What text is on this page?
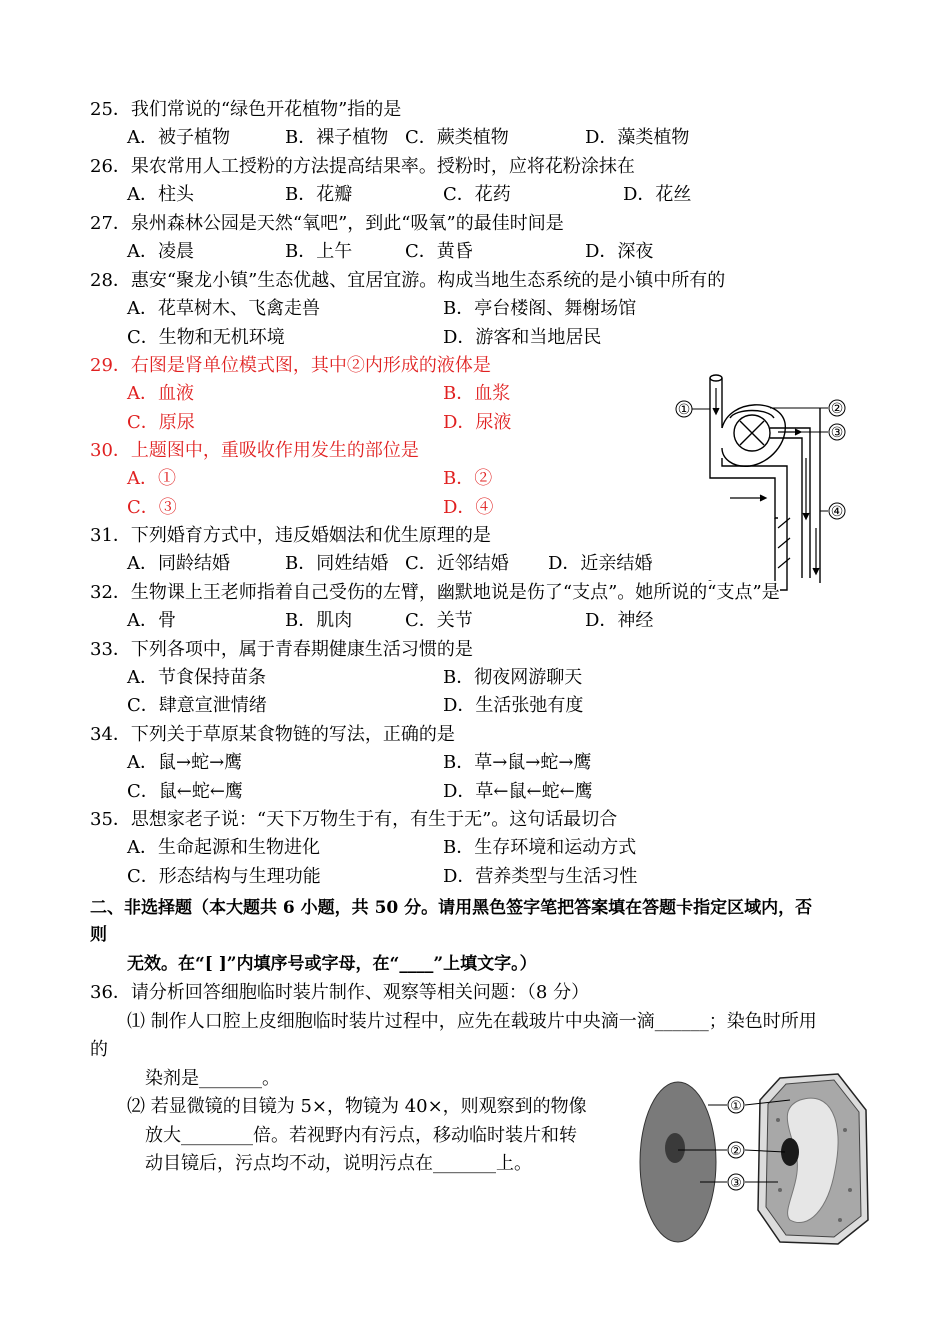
25．我们常说的“绿色开花植物”指的是
A．被子植物	B．裸子植物 C．蕨类植物	D．藻类植物
26．果农常用人工授粉的方法提高结果率。授粉时，应将花粉涂抹在
A．柱头	B．花瓣	C．花药	D．花丝
27．泉州森林公园是天然“氧吧”，到此“吸氧”的最佳时间是
A．凌晨	B．上午	C．黄昏	D．深夜
28．惠安“聚龙小镇”生态优越、宜居宜游。构成当地生态系统的是小镇中所有的
A．花草树木、飞禽走兽	B．亭台楼阁、舞榭场馆
C．生物和无机环境	D．游客和当地居民
29．右图是肾单位模式图，其中②内形成的液体是
A．血液	B．血浆
C．原尿	D．尿液
30．上题图中，重吸收作用发生的部位是
A．①	B．②
C．③	D．④
31．下列婚育方式中，违反婚姻法和优生原理的是
A．同龄结婚	B．同姓结婚 C．近邻结婚 D．近亲结婚
①	②
③
④
32．生物课上王老师指着自己受伤的左臂，幽默地说是伤了“支点”。她所说的“支点”是
A．骨	B．肌肉	C．关节	D．神经
33．下列各项中，属于青春期健康生活习惯的是
A．节食保持苗条	B．彻夜网游聊天
C．肆意宣泄情绪	D．生活张弛有度
34．下列关于草原某食物链的写法，正确的是
A．鼠→蛇→鹰	B．草→鼠→蛇→鹰
C．鼠←蛇←鹰	D．草←鼠←蛇←鹰
35．思想家老子说：“天下万物生于有，有生于无”。这句话最切合
A．生命起源和生物进化	B．生存环境和运动方式
C．形态结构与生理功能	D．营养类型与生活习性
二、非选择题（本大题共 6 小题，共 50 分。请用黑色签字笔把答案填在答题卡指定区域内，否
则
无效。在“[ ]”内填序号或字母，在“____”上填文字。）
36．请分析回答细胞临时装片制作、观察等相关问题：（8 分）
⑴ 制作人口腔上皮细胞临时装片过程中，应先在载玻片中央滴一滴______；染色时所用
的
染剂是_______。
⑵ 若显微镜的目镜为 5×，物镜为 40×，则观察到的物像
放大________倍。若视野内有污点，移动临时装片和转
动目镜后，污点均不动，说明污点在_______上。
①
②
③
